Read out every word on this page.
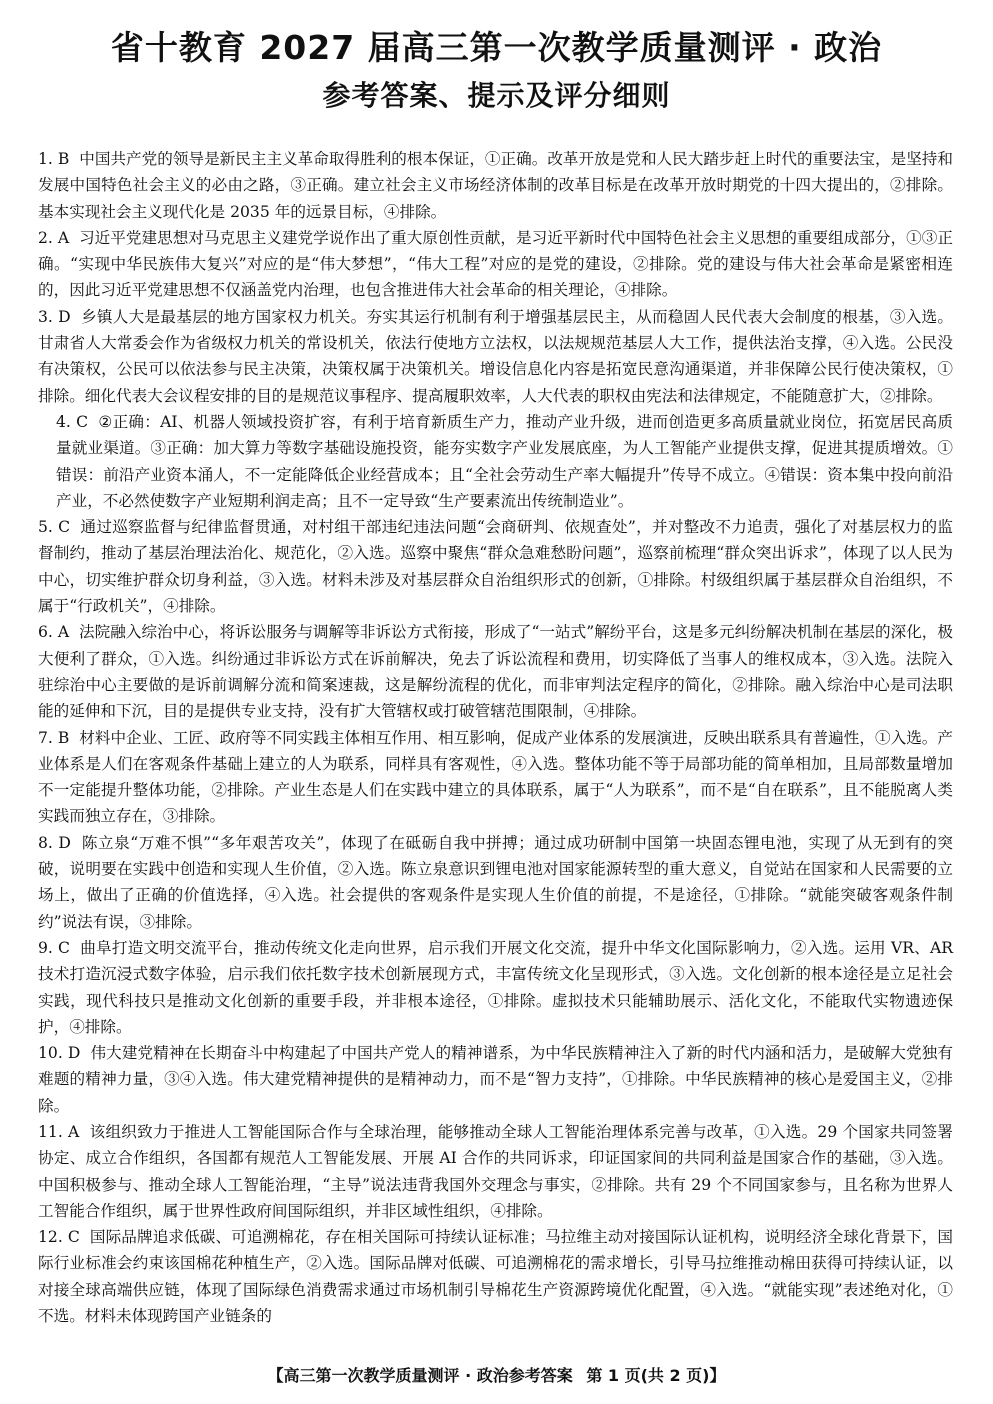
省十教育 2027 届高三第一次教学质量测评 · 政治
参考答案、提示及评分细则

1. B 中国共产党的领导是新民主主义革命取得胜利的根本保证，①正确。改革开放是党和人民大踏步赶上时代的重要法宝，是坚持和发展中国特色社会主义的必由之路，③正确。建立社会主义市场经济体制的改革目标是在改革开放时期党的十四大提出的，②排除。基本实现社会主义现代化是 2035 年的远景目标，④排除。

2. A 习近平党建思想对马克思主义建党学说作出了重大原创性贡献，是习近平新时代中国特色社会主义思想的重要组成部分，①③正确。“实现中华民族伟大复兴”对应的是“伟大梦想”，“伟大工程”对应的是党的建设，②排除。党的建设与伟大社会革命是紧密相连的，因此习近平党建思想不仅涵盖党内治理，也包含推进伟大社会革命的相关理论，④排除。

3. D 乡镇人大是最基层的地方国家权力机关。夯实其运行机制有利于增强基层民主，从而稳固人民代表大会制度的根基，③入选。甘肃省人大常委会作为省级权力机关的常设机关，依法行使地方立法权，以法规规范基层人大工作，提供法治支撑，④入选。公民没有决策权，公民可以依法参与民主决策，决策权属于决策机关。增设信息化内容是拓宽民意沟通渠道，并非保障公民行使决策权，①排除。细化代表大会议程安排的目的是规范议事程序、提高履职效率，人大代表的职权由宪法和法律规定，不能随意扩大，②排除。

4. C ②正确：AI、机器人领域投资扩容，有利于培育新质生产力，推动产业升级，进而创造更多高质量就业岗位，拓宽居民高质量就业渠道。③正确：加大算力等数字基础设施投资，能夯实数字产业发展底座，为人工智能产业提供支撑，促进其提质增效。①错误：前沿产业资本涌人，不一定能降低企业经营成本；且“全社会劳动生产率大幅提升”传导不成立。④错误：资本集中投向前沿产业，不必然使数字产业短期利润走高；且不一定导致“生产要素流出传统制造业”。

5. C 通过巡察监督与纪律监督贯通，对村组干部违纪违法问题“会商研判、依规查处”，并对整改不力追责，强化了对基层权力的监督制约，推动了基层治理法治化、规范化，②入选。巡察中聚焦“群众急难愁盼问题”，巡察前梳理“群众突出诉求”，体现了以人民为中心，切实维护群众切身利益，③入选。材料未涉及对基层群众自治组织形式的创新，①排除。村级组织属于基层群众自治组织，不属于“行政机关”，④排除。

6. A 法院融入综治中心，将诉讼服务与调解等非诉讼方式衔接，形成了“一站式”解纷平台，这是多元纠纷解决机制在基层的深化，极大便利了群众，①入选。纠纷通过非诉讼方式在诉前解决，免去了诉讼流程和费用，切实降低了当事人的维权成本，③入选。法院入驻综治中心主要做的是诉前调解分流和简案速裁，这是解纷流程的优化，而非审判法定程序的简化，②排除。融入综治中心是司法职能的延伸和下沉，目的是提供专业支持，没有扩大管辖权或打破管辖范围限制，④排除。

7. B 材料中企业、工匠、政府等不同实践主体相互作用、相互影响，促成产业体系的发展演进，反映出联系具有普遍性，①入选。产业体系是人们在客观条件基础上建立的人为联系，同样具有客观性，④入选。整体功能不等于局部功能的简单相加，且局部数量增加不一定能提升整体功能，②排除。产业生态是人们在实践中建立的具体联系，属于“人为联系”，而不是“自在联系”，且不能脱离人类实践而独立存在，③排除。

8. D 陈立泉“万难不惧”“多年艰苦攻关”，体现了在砥砺自我中拼搏；通过成功研制中国第一块固态锂电池，实现了从无到有的突破，说明要在实践中创造和实现人生价值，②入选。陈立泉意识到锂电池对国家能源转型的重大意义，自觉站在国家和人民需要的立场上，做出了正确的价值选择，④入选。社会提供的客观条件是实现人生价值的前提，不是途径，①排除。“就能突破客观条件制约”说法有误，③排除。

9. C 曲阜打造文明交流平台，推动传统文化走向世界，启示我们开展文化交流，提升中华文化国际影响力，②入选。运用 VR、AR 技术打造沉浸式数字体验，启示我们依托数字技术创新展现方式，丰富传统文化呈现形式，③入选。文化创新的根本途径是立足社会实践，现代科技只是推动文化创新的重要手段，并非根本途径，①排除。虚拟技术只能辅助展示、活化文化，不能取代实物遗迹保护，④排除。

10. D 伟大建党精神在长期奋斗中构建起了中国共产党人的精神谱系，为中华民族精神注入了新的时代内涵和活力，是破解大党独有难题的精神力量，③④入选。伟大建党精神提供的是精神动力，而不是“智力支持”，①排除。中华民族精神的核心是爱国主义，②排除。

11. A 该组织致力于推进人工智能国际合作与全球治理，能够推动全球人工智能治理体系完善与改革，①入选。29 个国家共同签署协定、成立合作组织，各国都有规范人工智能发展、开展 AI 合作的共同诉求，印证国家间的共同利益是国家合作的基础，③入选。中国积极参与、推动全球人工智能治理，“主导”说法违背我国外交理念与事实，②排除。共有 29 个不同国家参与，且名称为世界人工智能合作组织，属于世界性政府间国际组织，并非区域性组织，④排除。

12. C 国际品牌追求低碳、可追溯棉花，存在相关国际可持续认证标准；马拉维主动对接国际认证机构，说明经济全球化背景下，国际行业标准会约束该国棉花种植生产，②入选。国际品牌对低碳、可追溯棉花的需求增长，引导马拉维推动棉田获得可持续认证，以对接全球高端供应链，体现了国际绿色消费需求通过市场机制引导棉花生产资源跨境优化配置，④入选。“就能实现”表述绝对化，①不选。材料未体现跨国产业链条的

【高三第一次教学质量测评 · 政治参考答案 第 1 页(共 2 页)】
